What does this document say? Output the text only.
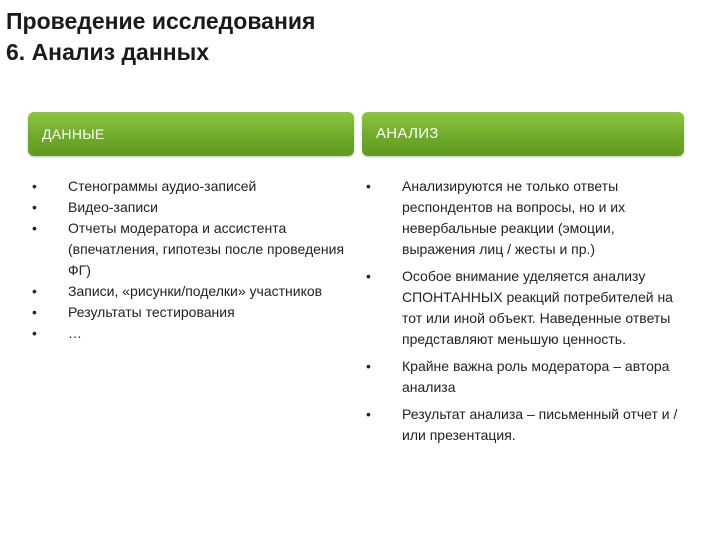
Проведение исследования
6. Анализ данных
ДАННЫЕ	АНАЛИЗ
• Стенограммы аудио-записей
• Видео-записи
• Отчеты модератора и ассистента (впечатления, гипотезы после проведения ФГ)
• Записи, «рисунки/поделки» участников
• Результаты тестирования
• …
• Анализируются не только ответы респондентов на вопросы, но и их невербальные реакции (эмоции, выражения лиц / жесты и пр.)
• Особое внимание уделяется анализу СПОНТАННЫХ реакций потребителей на тот или иной объект. Наведенные ответы представляют меньшую ценность.
• Крайне важна роль модератора – автора анализа
• Результат анализа – письменный отчет и / или презентация.
